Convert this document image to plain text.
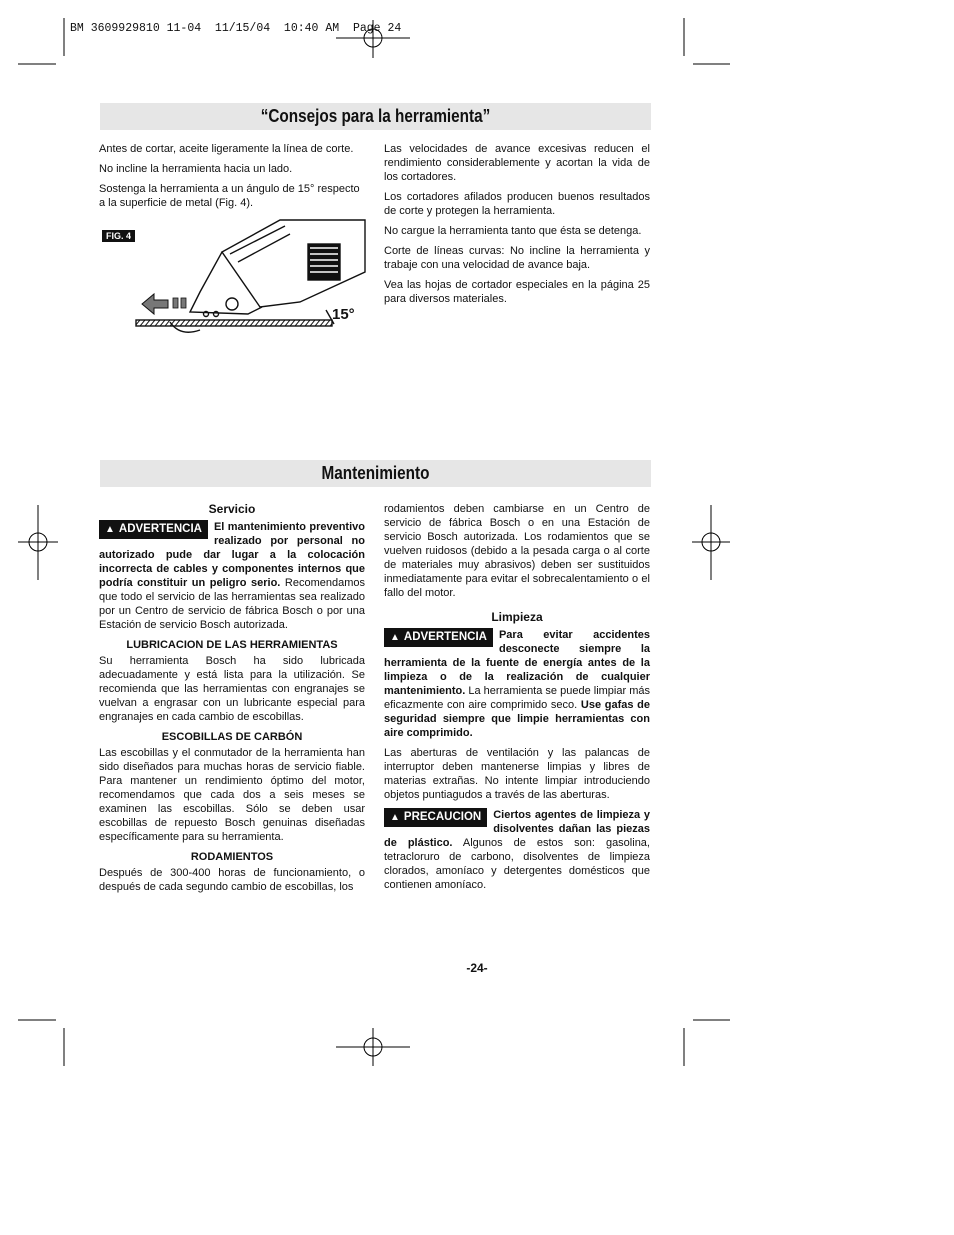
BM 3609929810 11-04  11/15/04  10:40 AM  Page 24
“Consejos para la herramienta”

Antes de cortar, aceite ligeramente la línea de corte.

No incline la herramienta hacia un lado.

Sostenga la herramienta a un ángulo de 15° respecto a la superficie de metal (Fig. 4).

FIG. 4
15°

Las velocidades de avance excesivas reducen el rendimiento considerablemente y acortan la vida de los cortadores.

Los cortadores afilados producen buenos resultados de corte y protegen la herramienta.

No cargue la herramienta tanto que ésta se detenga.

Corte de líneas curvas: No incline la herramienta y trabaje con una velocidad de avance baja.

Vea las hojas de cortador especiales en la página 25 para diversos materiales.

Mantenimiento
Servicio

▲ ADVERTENCIA	El mantenimiento preventivo realizado por personal no autorizado pude dar lugar a la colocación incorrecta de cables y componentes internos que podría constituir un peligro serio. Recomendamos que todo el servicio de las herramientas sea realizado por un Centro de servicio de fábrica Bosch o por una Estación de servicio Bosch autorizada.

LUBRICACION DE LAS HERRAMIENTAS

Su herramienta Bosch ha sido lubricada adecuadamente y está lista para la utilización. Se recomienda que las herramientas con engranajes se vuelvan a engrasar con un lubricante especial para engranajes en cada cambio de escobillas.

ESCOBILLAS DE CARBÓN

Las escobillas y el conmutador de la herramienta han sido diseñados para muchas horas de servicio fiable. Para mantener un rendimiento óptimo del motor, recomendamos que cada dos a seis meses se examinen las escobillas. Sólo se deben usar escobillas de repuesto Bosch genuinas diseñadas específicamente para su herramienta.

RODAMIENTOS

Después de 300-400 horas de funcionamiento, o después de cada segundo cambio de escobillas, los

rodamientos deben cambiarse en un Centro de servicio de fábrica Bosch o en una Estación de servicio Bosch autorizada. Los rodamientos que se vuelven ruidosos (debido a la pesada carga o al corte de materiales muy abrasivos) deben ser sustituidos inmediatamente para evitar el sobrecalentamiento o el fallo del motor.

Limpieza

▲ ADVERTENCIA	Para evitar accidentes desconecte siempre la herramienta de la fuente de energía antes de la limpieza o de la realización de cualquier mantenimiento. La herramienta se puede limpiar más eficazmente con aire comprimido seco. Use gafas de seguridad siempre que limpie herramientas con aire comprimido.

Las aberturas de ventilación y las palancas de interruptor deben mantenerse limpias y libres de materias extrañas. No intente limpiar introduciendo objetos puntiagudos a través de las aberturas.

▲ PRECAUCION	Ciertos agentes de limpieza y disolventes dañan las piezas de plástico. Algunos de estos son: gasolina, tetracloruro de carbono, disolventes de limpieza clorados, amoníaco y detergentes domésticos que contienen amoníaco.

-24-
